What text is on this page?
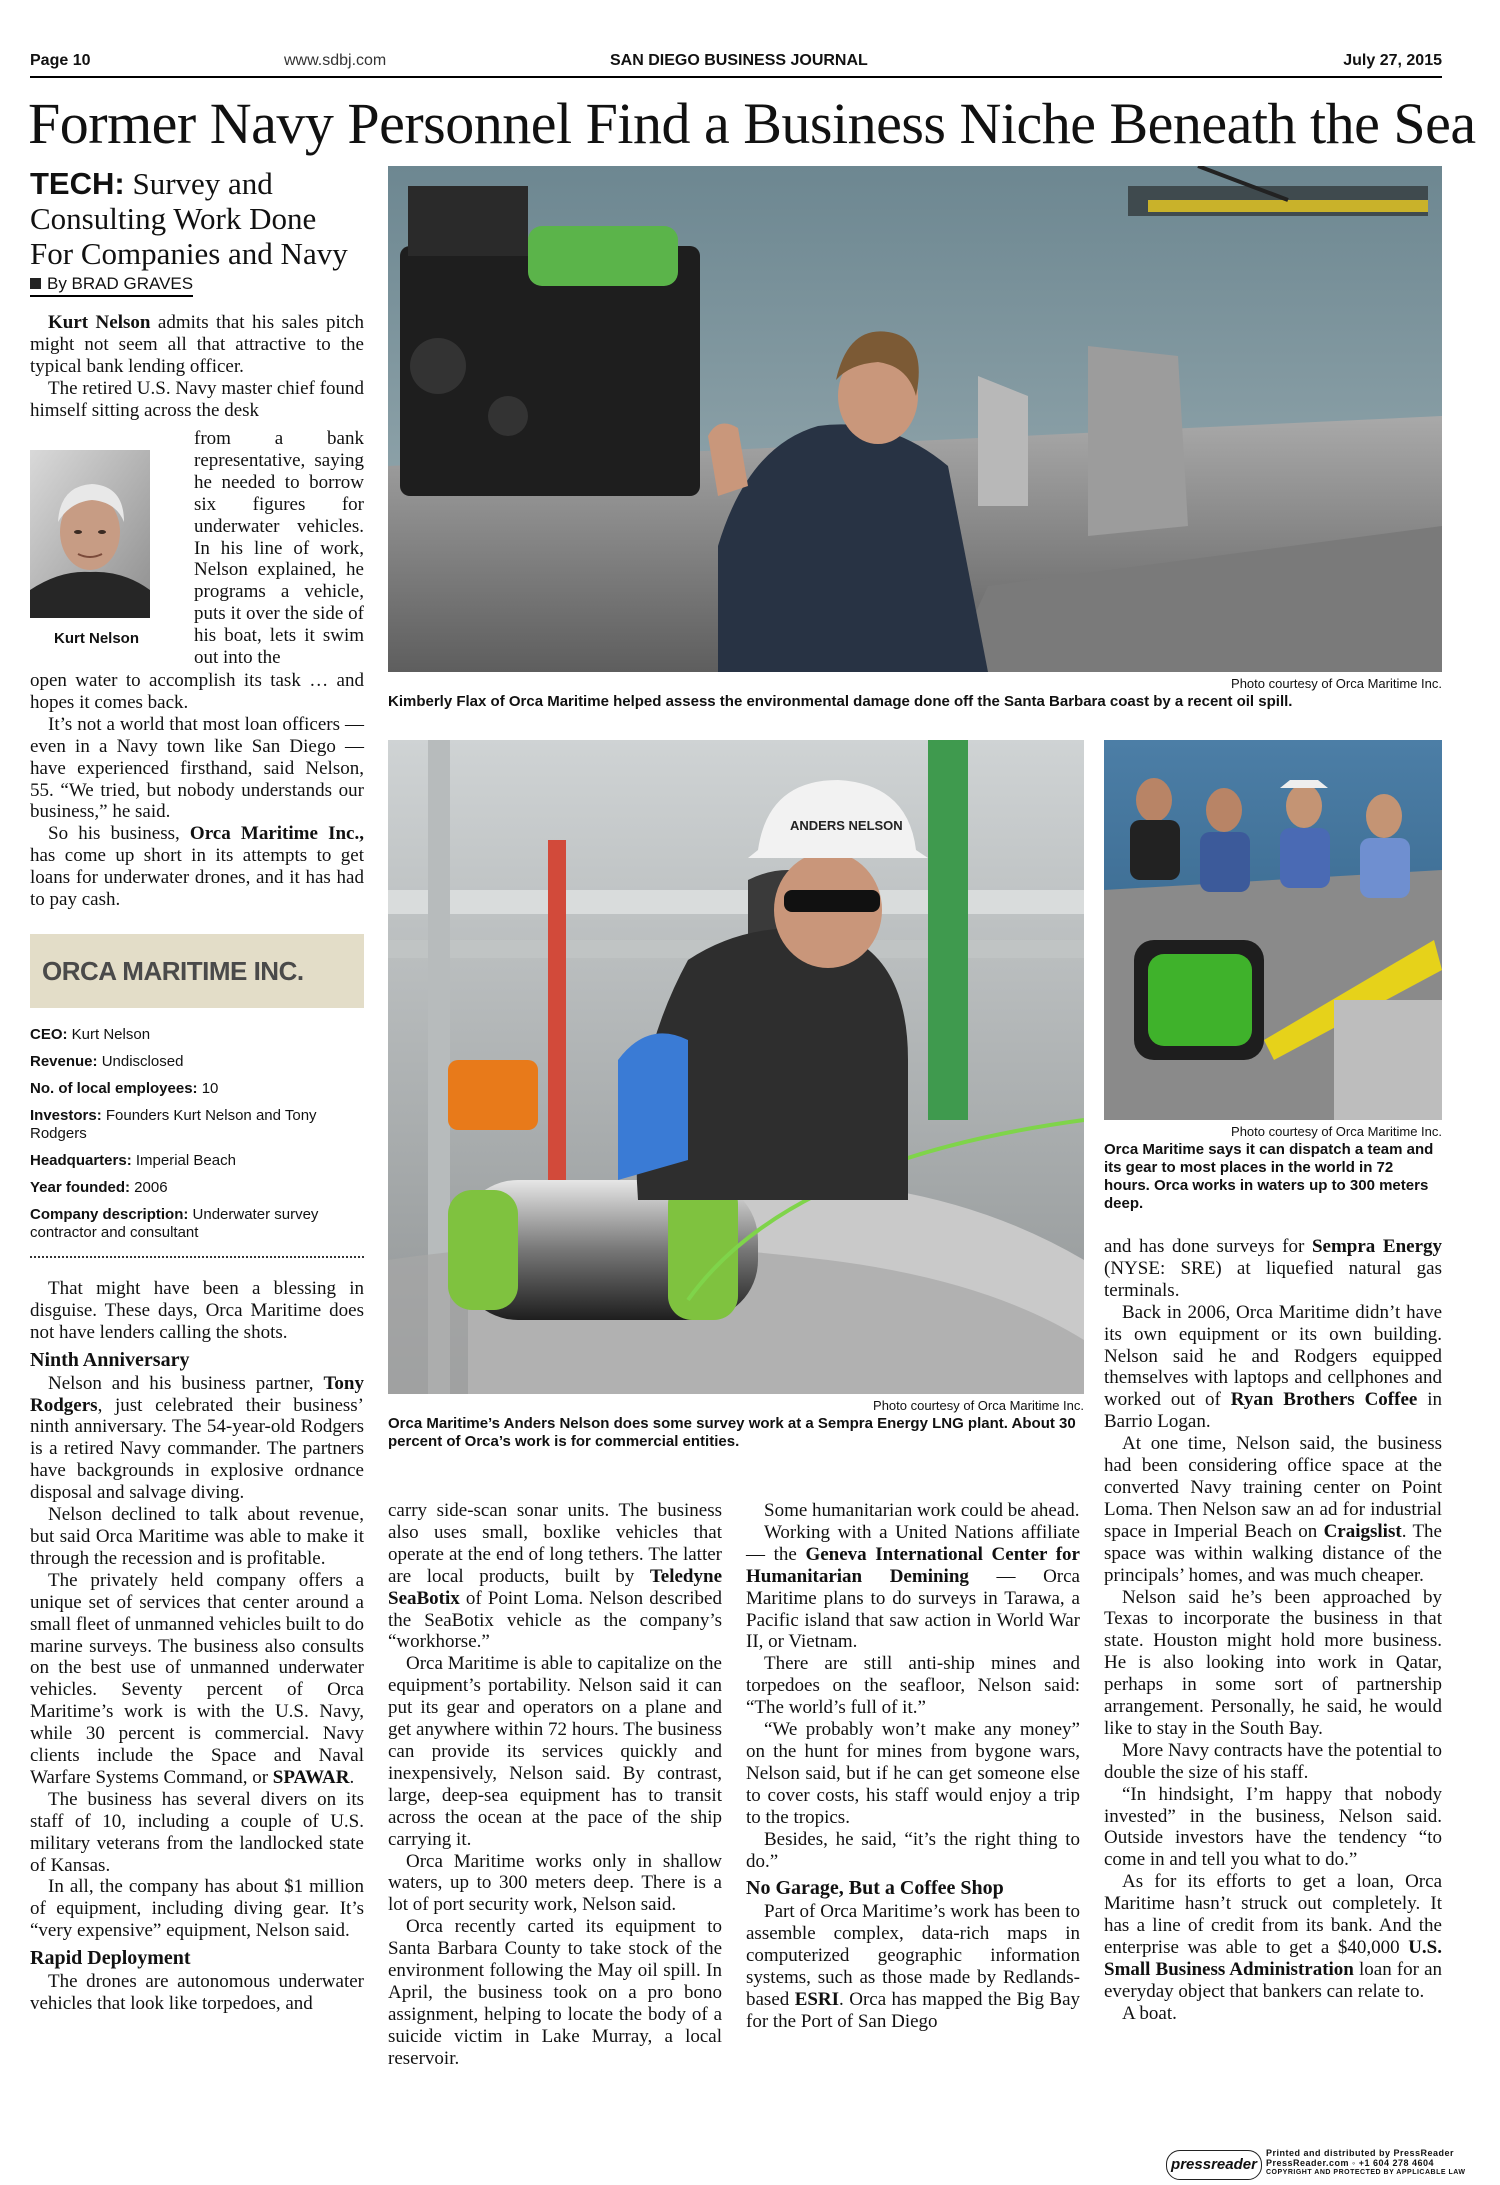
Page 10	www.sdbj.com	SAN DIEGO BUSINESS JOURNAL	July 27, 2015
Former Navy Personnel Find a Business Niche Beneath the Sea
TECH: Survey and
Consulting Work Done
For Companies and Navy
By BRAD GRAVES

Kurt Nelson admits that his sales pitch might not seem all that attractive to the typical bank lending officer.

The retired U.S. Navy master chief found himself sitting across the desk

Kurt Nelson

from a bank representative, saying he needed to borrow six figures for underwater vehicles. In his line of work, Nelson explained, he programs a vehicle, puts it over the side of his boat, lets it swim out into the

open water to accomplish its task … and hopes it comes back.

It’s not a world that most loan officers — even in a Navy town like San Diego — have experienced firsthand, said Nelson, 55. “We tried, but nobody understands our business,” he said.

So his business, Orca Maritime Inc., has come up short in its attempts to get loans for underwater drones, and it has had to pay cash.

ORCA MARITIME INC.
CEO: Kurt Nelson
Revenue: Undisclosed
No. of local employees: 10
Investors: Founders Kurt Nelson and Tony Rodgers
Headquarters: Imperial Beach
Year founded: 2006
Company description: Underwater survey contractor and consultant

That might have been a blessing in disguise. These days, Orca Maritime does not have lenders calling the shots.

Ninth Anniversary

Nelson and his business partner, Tony Rodgers, just celebrated their business’ ninth anniversary. The 54-year-old Rodgers is a retired Navy commander. The partners have backgrounds in explosive ordnance disposal and salvage diving.

Nelson declined to talk about revenue, but said Orca Maritime was able to make it through the recession and is profitable.

The privately held company offers a unique set of services that center around a small fleet of unmanned vehicles built to do marine surveys. The business also consults on the best use of unmanned underwater vehicles. Seventy percent of Orca Maritime’s work is with the U.S. Navy, while 30 percent is commercial. Navy clients include the Space and Naval Warfare Systems Command, or SPAWAR.

The business has several divers on its staff of 10, including a couple of U.S. military veterans from the landlocked state of Kansas.

In all, the company has about $1 million of equipment, including diving gear. It’s “very expensive” equipment, Nelson said.

Rapid Deployment

The drones are autonomous underwater vehicles that look like torpedoes, and

Photo courtesy of Orca Maritime Inc.
Kimberly Flax of Orca Maritime helped assess the environmental damage done off the Santa Barbara coast by a recent oil spill.
ANDERS NELSON
Photo courtesy of Orca Maritime Inc.
Orca Maritime’s Anders Nelson does some survey work at a Sempra Energy LNG plant. About 30 percent of Orca’s work is for commercial entities.
Photo courtesy of Orca Maritime Inc.
Orca Maritime says it can dispatch a team and its gear to most places in the world in 72 hours. Orca works in waters up to 300 meters deep.

carry side-scan sonar units. The business also uses small, boxlike vehicles that operate at the end of long tethers. The latter are local products, built by Teledyne SeaBotix of Point Loma. Nelson described the SeaBotix vehicle as the company’s “workhorse.”

Orca Maritime is able to capitalize on the equipment’s portability. Nelson said it can put its gear and operators on a plane and get anywhere within 72 hours. The business can provide its services quickly and inexpensively, Nelson said. By contrast, large, deep-sea equipment has to transit across the ocean at the pace of the ship carrying it.

Orca Maritime works only in shallow waters, up to 300 meters deep. There is a lot of port security work, Nelson said.

Orca recently carted its equipment to Santa Barbara County to take stock of the environment following the May oil spill. In April, the business took on a pro bono assignment, helping to locate the body of a suicide victim in Lake Murray, a local reservoir.

Some humanitarian work could be ahead.

Working with a United Nations affiliate — the Geneva International Center for Humanitarian Demining — Orca Maritime plans to do surveys in Tarawa, a Pacific island that saw action in World War II, or Vietnam.

There are still anti-ship mines and torpedoes on the seafloor, Nelson said: “The world’s full of it.”

“We probably won’t make any money” on the hunt for mines from bygone wars, Nelson said, but if he can get someone else to cover costs, his staff would enjoy a trip to the tropics.

Besides, he said, “it’s the right thing to do.”

No Garage, But a Coffee Shop

Part of Orca Maritime’s work has been to assemble complex, data-rich maps in computerized geographic information systems, such as those made by Redlands-based ESRI. Orca has mapped the Big Bay for the Port of San Diego

and has done surveys for Sempra Energy (NYSE: SRE) at liquefied natural gas terminals.

Back in 2006, Orca Maritime didn’t have its own equipment or its own building. Nelson said he and Rodgers equipped themselves with laptops and cellphones and worked out of Ryan Brothers Coffee in Barrio Logan.

At one time, Nelson said, the business had been considering office space at the converted Navy training center on Point Loma. Then Nelson saw an ad for industrial space in Imperial Beach on Craigslist. The space was within walking distance of the principals’ homes, and was much cheaper.

Nelson said he’s been approached by Texas to incorporate the business in that state. Houston might hold more business. He is also looking into work in Qatar, perhaps in some sort of partnership arrangement. Personally, he said, he would like to stay in the South Bay.

More Navy contracts have the potential to double the size of his staff.

“In hindsight, I’m happy that nobody invested” in the business, Nelson said. Outside investors have the tendency “to come in and tell you what to do.”

As for its efforts to get a loan, Orca Maritime hasn’t struck out completely. It has a line of credit from its bank. And the enterprise was able to get a $40,000 U.S. Small Business Administration loan for an everyday object that bankers can relate to.

A boat.

pressreader
Printed and distributed by PressReader
PressReader.com ◦ +1 604 278 4604
COPYRIGHT AND PROTECTED BY APPLICABLE LAW
